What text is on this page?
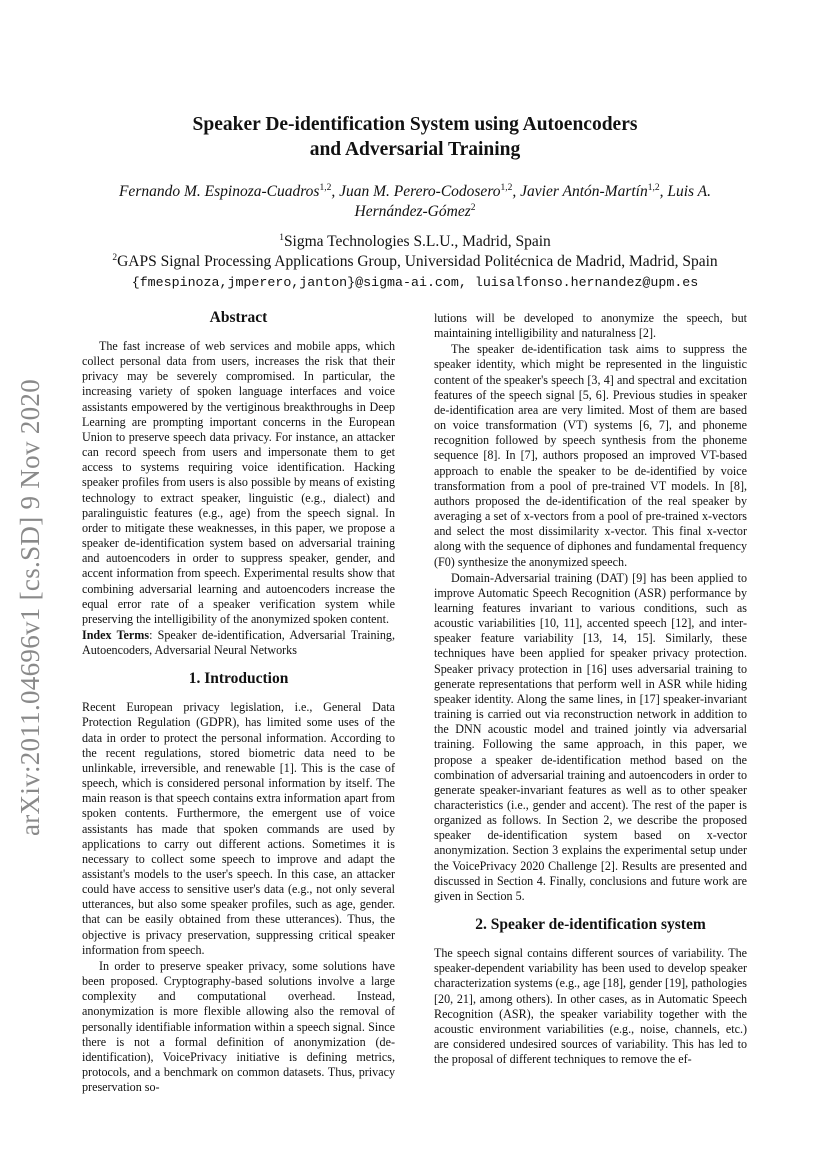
arXiv:2011.04696v1 [cs.SD] 9 Nov 2020
Speaker De-identification System using Autoencoders
and Adversarial Training
Fernando M. Espinoza-Cuadros$^{1,2}$, Juan M. Perero-Codosero$^{1,2}$, Javier Antón-Martín$^{1,2}$, Luis A.
Hernández-Gómez$^2$
$^1$Sigma Technologies S.L.U., Madrid, Spain
$^2$GAPS Signal Processing Applications Group, Universidad Politécnica de Madrid, Madrid, Spain
{fmespinoza,jmperero,janton}@sigma-ai.com, luisalfonso.hernandez@upm.es
Abstract

The fast increase of web services and mobile apps, which collect personal data from users, increases the risk that their privacy may be severely compromised. In particular, the increasing variety of spoken language interfaces and voice assistants empowered by the vertiginous breakthroughs in Deep Learning are prompting important concerns in the European Union to preserve speech data privacy. For instance, an attacker can record speech from users and impersonate them to get access to systems requiring voice identification. Hacking speaker profiles from users is also possible by means of existing technology to extract speaker, linguistic (e.g., dialect) and paralinguistic features (e.g., age) from the speech signal. In order to mitigate these weaknesses, in this paper, we propose a speaker de-identification system based on adversarial training and autoencoders in order to suppress speaker, gender, and accent information from speech. Experimental results show that combining adversarial learning and autoencoders increase the equal error rate of a speaker verification system while preserving the intelligibility of the anonymized spoken content.

Index Terms: Speaker de-identification, Adversarial Training, Autoencoders, Adversarial Neural Networks

1. Introduction

Recent European privacy legislation, i.e., General Data Protection Regulation (GDPR), has limited some uses of the data in order to protect the personal information. According to the recent regulations, stored biometric data need to be unlinkable, irreversible, and renewable [1]. This is the case of speech, which is considered personal information by itself. The main reason is that speech contains extra information apart from spoken contents. Furthermore, the emergent use of voice assistants has made that spoken commands are used by applications to carry out different actions. Sometimes it is necessary to collect some speech to improve and adapt the assistant's models to the user's speech. In this case, an attacker could have access to sensitive user's data (e.g., not only several utterances, but also some speaker profiles, such as age, gender. that can be easily obtained from these utterances). Thus, the objective is privacy preservation, suppressing critical speaker information from speech.

In order to preserve speaker privacy, some solutions have been proposed. Cryptography-based solutions involve a large complexity and computational overhead. Instead, anonymization is more flexible allowing also the removal of personally identifiable information within a speech signal. Since there is not a formal definition of anonymization (de-identification), VoicePrivacy initiative is defining metrics, protocols, and a benchmark on common datasets. Thus, privacy preservation so-

lutions will be developed to anonymize the speech, but maintaining intelligibility and naturalness [2].

The speaker de-identification task aims to suppress the speaker identity, which might be represented in the linguistic content of the speaker's speech [3, 4] and spectral and excitation features of the speech signal [5, 6]. Previous studies in speaker de-identification area are very limited. Most of them are based on voice transformation (VT) systems [6, 7], and phoneme recognition followed by speech synthesis from the phoneme sequence [8]. In [7], authors proposed an improved VT-based approach to enable the speaker to be de-identified by voice transformation from a pool of pre-trained VT models. In [8], authors proposed the de-identification of the real speaker by averaging a set of x-vectors from a pool of pre-trained x-vectors and select the most dissimilarity x-vector. This final x-vector along with the sequence of diphones and fundamental frequency (F0) synthesize the anonymized speech.

Domain-Adversarial training (DAT) [9] has been applied to improve Automatic Speech Recognition (ASR) performance by learning features invariant to various conditions, such as acoustic variabilities [10, 11], accented speech [12], and inter-speaker feature variability [13, 14, 15]. Similarly, these techniques have been applied for speaker privacy protection. Speaker privacy protection in [16] uses adversarial training to generate representations that perform well in ASR while hiding speaker identity. Along the same lines, in [17] speaker-invariant training is carried out via reconstruction network in addition to the DNN acoustic model and trained jointly via adversarial training. Following the same approach, in this paper, we propose a speaker de-identification method based on the combination of adversarial training and autoencoders in order to generate speaker-invariant features as well as to other speaker characteristics (i.e., gender and accent). The rest of the paper is organized as follows. In Section 2, we describe the proposed speaker de-identification system based on x-vector anonymization. Section 3 explains the experimental setup under the VoicePrivacy 2020 Challenge [2]. Results are presented and discussed in Section 4. Finally, conclusions and future work are given in Section 5.

2. Speaker de-identification system

The speech signal contains different sources of variability. The speaker-dependent variability has been used to develop speaker characterization systems (e.g., age [18], gender [19], pathologies [20, 21], among others). In other cases, as in Automatic Speech Recognition (ASR), the speaker variability together with the acoustic environment variabilities (e.g., noise, channels, etc.) are considered undesired sources of variability. This has led to the proposal of different techniques to remove the ef-
